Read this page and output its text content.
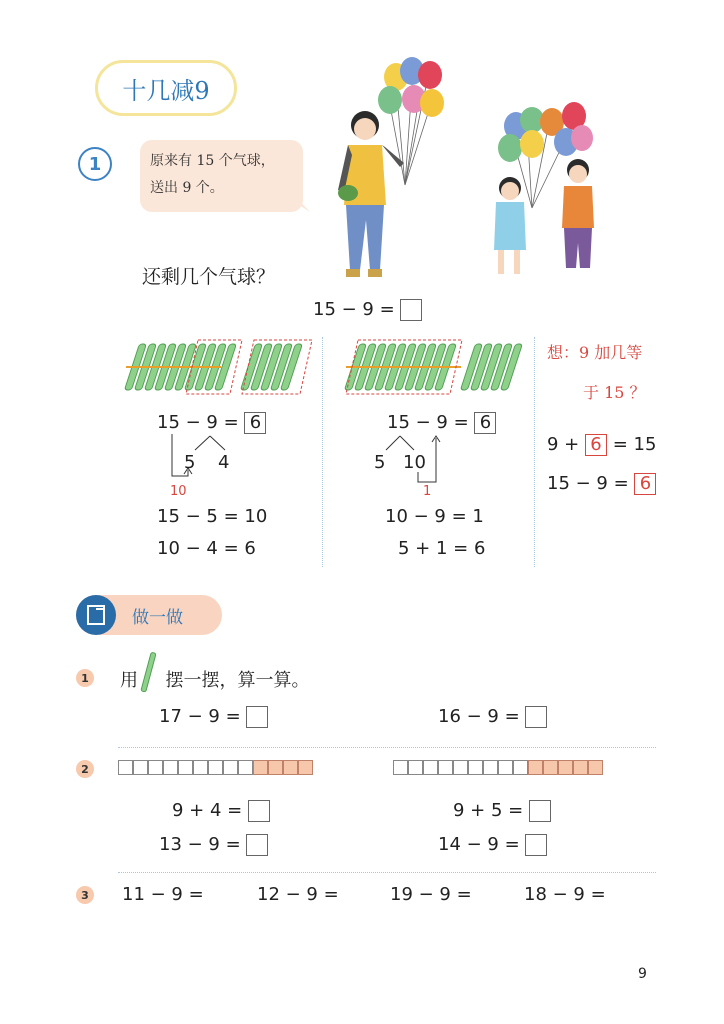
十几减9
1	原来有 15 个气球，
送出 9 个。
还剩几个气球？
15 − 9 =
15 − 9 = 6
5 4
10
15 − 5 = 10
10 − 4 = 6
15 − 9 = 6
5 10
1
10 − 9 = 1
5 + 1 = 6
想：9 加几等
于 15 ？
9 + 6 = 15
15 − 9 = 6
做一做
1 用 摆一摆，算一算。
17 − 9 =	16 − 9 =
2
9 + 4 =
13 − 9 =
9 + 5 =
14 − 9 =
3 11 − 9 =	12 − 9 =	19 − 9 =	18 − 9 =
9
